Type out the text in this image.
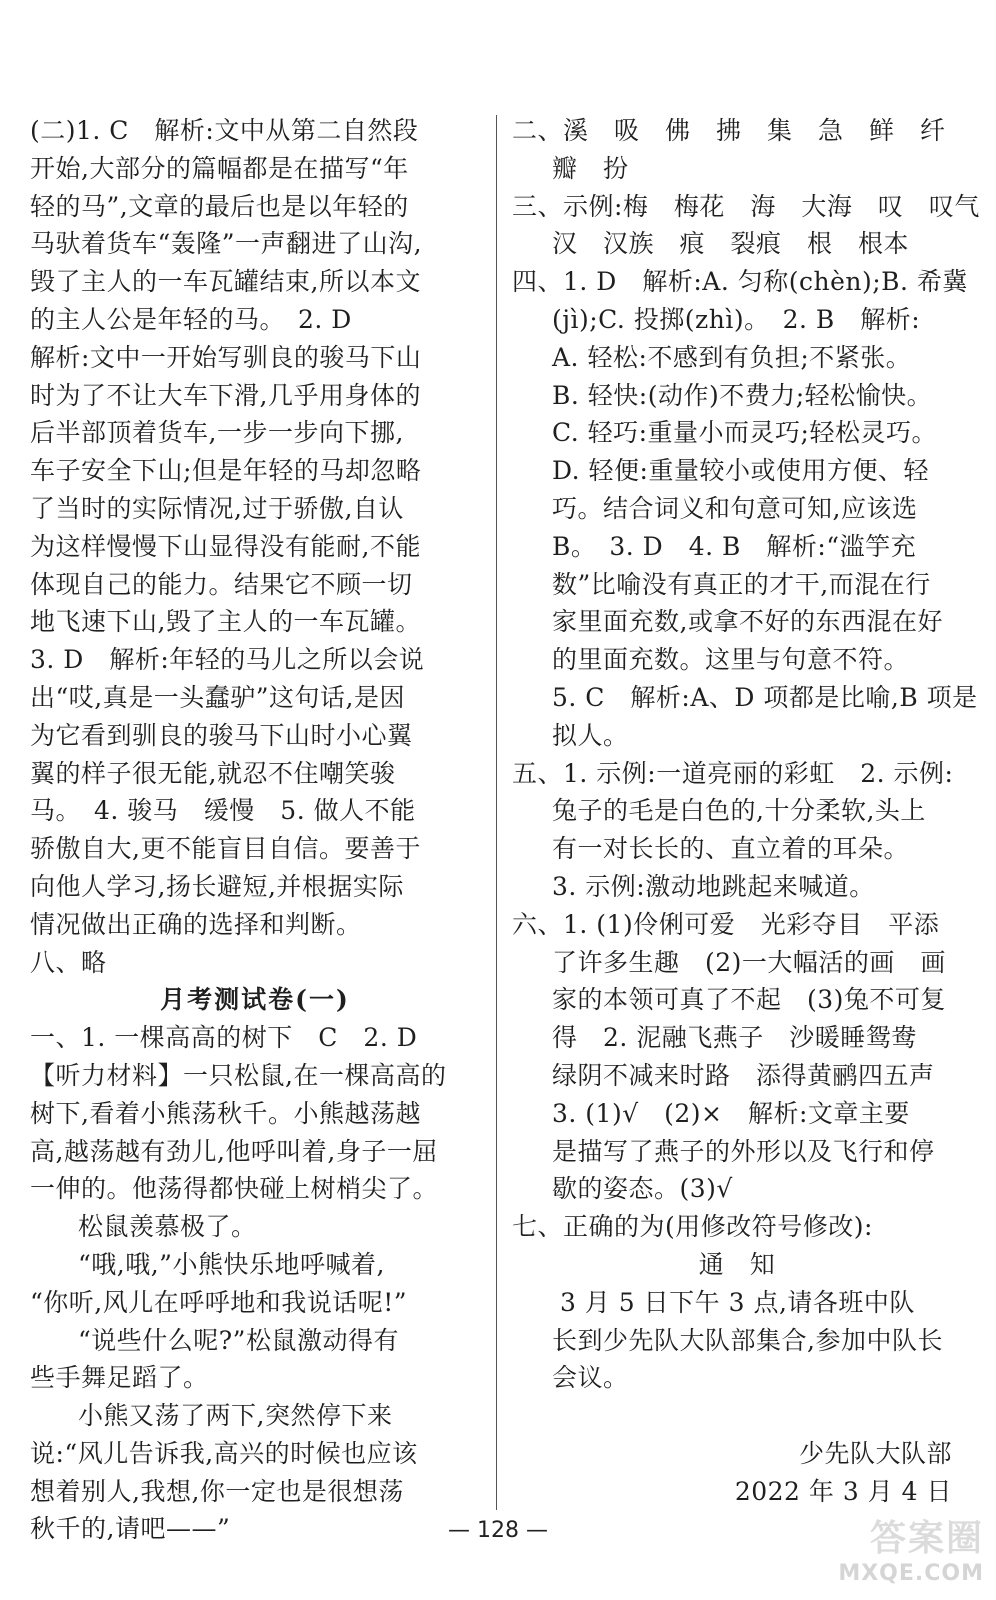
(二)1. C　解析:文中从第二自然段
开始,大部分的篇幅都是在描写“年
轻的马”,文章的最后也是以年轻的
马驮着货车“轰隆”一声翻进了山沟,
毁了主人的一车瓦罐结束,所以本文
的主人公是年轻的马。　2. D
解析:文中一开始写驯良的骏马下山
时为了不让大车下滑,几乎用身体的
后半部顶着货车,一步一步向下挪,
车子安全下山;但是年轻的马却忽略
了当时的实际情况,过于骄傲,自认
为这样慢慢下山显得没有能耐,不能
体现自己的能力。结果它不顾一切
地飞速下山,毁了主人的一车瓦罐。
3. D　解析:年轻的马儿之所以会说
出“哎,真是一头蠢驴”这句话,是因
为它看到驯良的骏马下山时小心翼
翼的样子很无能,就忍不住嘲笑骏
马。　4. 骏马　缓慢　5. 做人不能
骄傲自大,更不能盲目自信。要善于
向他人学习,扬长避短,并根据实际
情况做出正确的选择和判断。
八、略
月考测试卷(一)
一、1. 一棵高高的树下　C　2. D
【听力材料】一只松鼠,在一棵高高的
树下,看着小熊荡秋千。小熊越荡越
高,越荡越有劲儿,他呼叫着,身子一屈
一伸的。他荡得都快碰上树梢尖了。
松鼠羡慕极了。
“哦,哦,”小熊快乐地呼喊着,
“你听,风儿在呼呼地和我说话呢!”
“说些什么呢?”松鼠激动得有
些手舞足蹈了。
小熊又荡了两下,突然停下来
说:“风儿告诉我,高兴的时候也应该
想着别人,我想,你一定也是很想荡
秋千的,请吧——”
二、溪　吸　佛　拂　集　急　鲜　纤
瓣　扮
三、示例:梅　梅花　海　大海　叹　叹气
汉　汉族　痕　裂痕　根　根本
四、1. D　解析:A. 匀称(chèn);B. 希冀
(jì);C. 投掷(zhì)。　2. B　解析:
A. 轻松:不感到有负担;不紧张。
B. 轻快:(动作)不费力;轻松愉快。
C. 轻巧:重量小而灵巧;轻松灵巧。
D. 轻便:重量较小或使用方便、轻
巧。结合词义和句意可知,应该选
B。　3. D　4. B　解析:“滥竽充
数”比喻没有真正的才干,而混在行
家里面充数,或拿不好的东西混在好
的里面充数。这里与句意不符。
5. C　解析:A、D 项都是比喻,B 项是
拟人。
五、1. 示例:一道亮丽的彩虹　2. 示例:
兔子的毛是白色的,十分柔软,头上
有一对长长的、直立着的耳朵。
3. 示例:激动地跳起来喊道。
六、1. (1)伶俐可爱　光彩夺目　平添
了许多生趣　(2)一大幅活的画　画
家的本领可真了不起　(3)兔不可复
得　2. 泥融飞燕子　沙暖睡鸳鸯
绿阴不减来时路　添得黄鹂四五声
3. (1)√　(2)×　解析:文章主要
是描写了燕子的外形以及飞行和停
歇的姿态。(3)√
七、正确的为(用修改符号修改):
通　知
3 月 5 日下午 3 点,请各班中队
长到少先队大队部集合,参加中队长
会议。
少先队大队部
2022 年 3 月 4 日
— 128 —	答案圈
MXQE.COM
